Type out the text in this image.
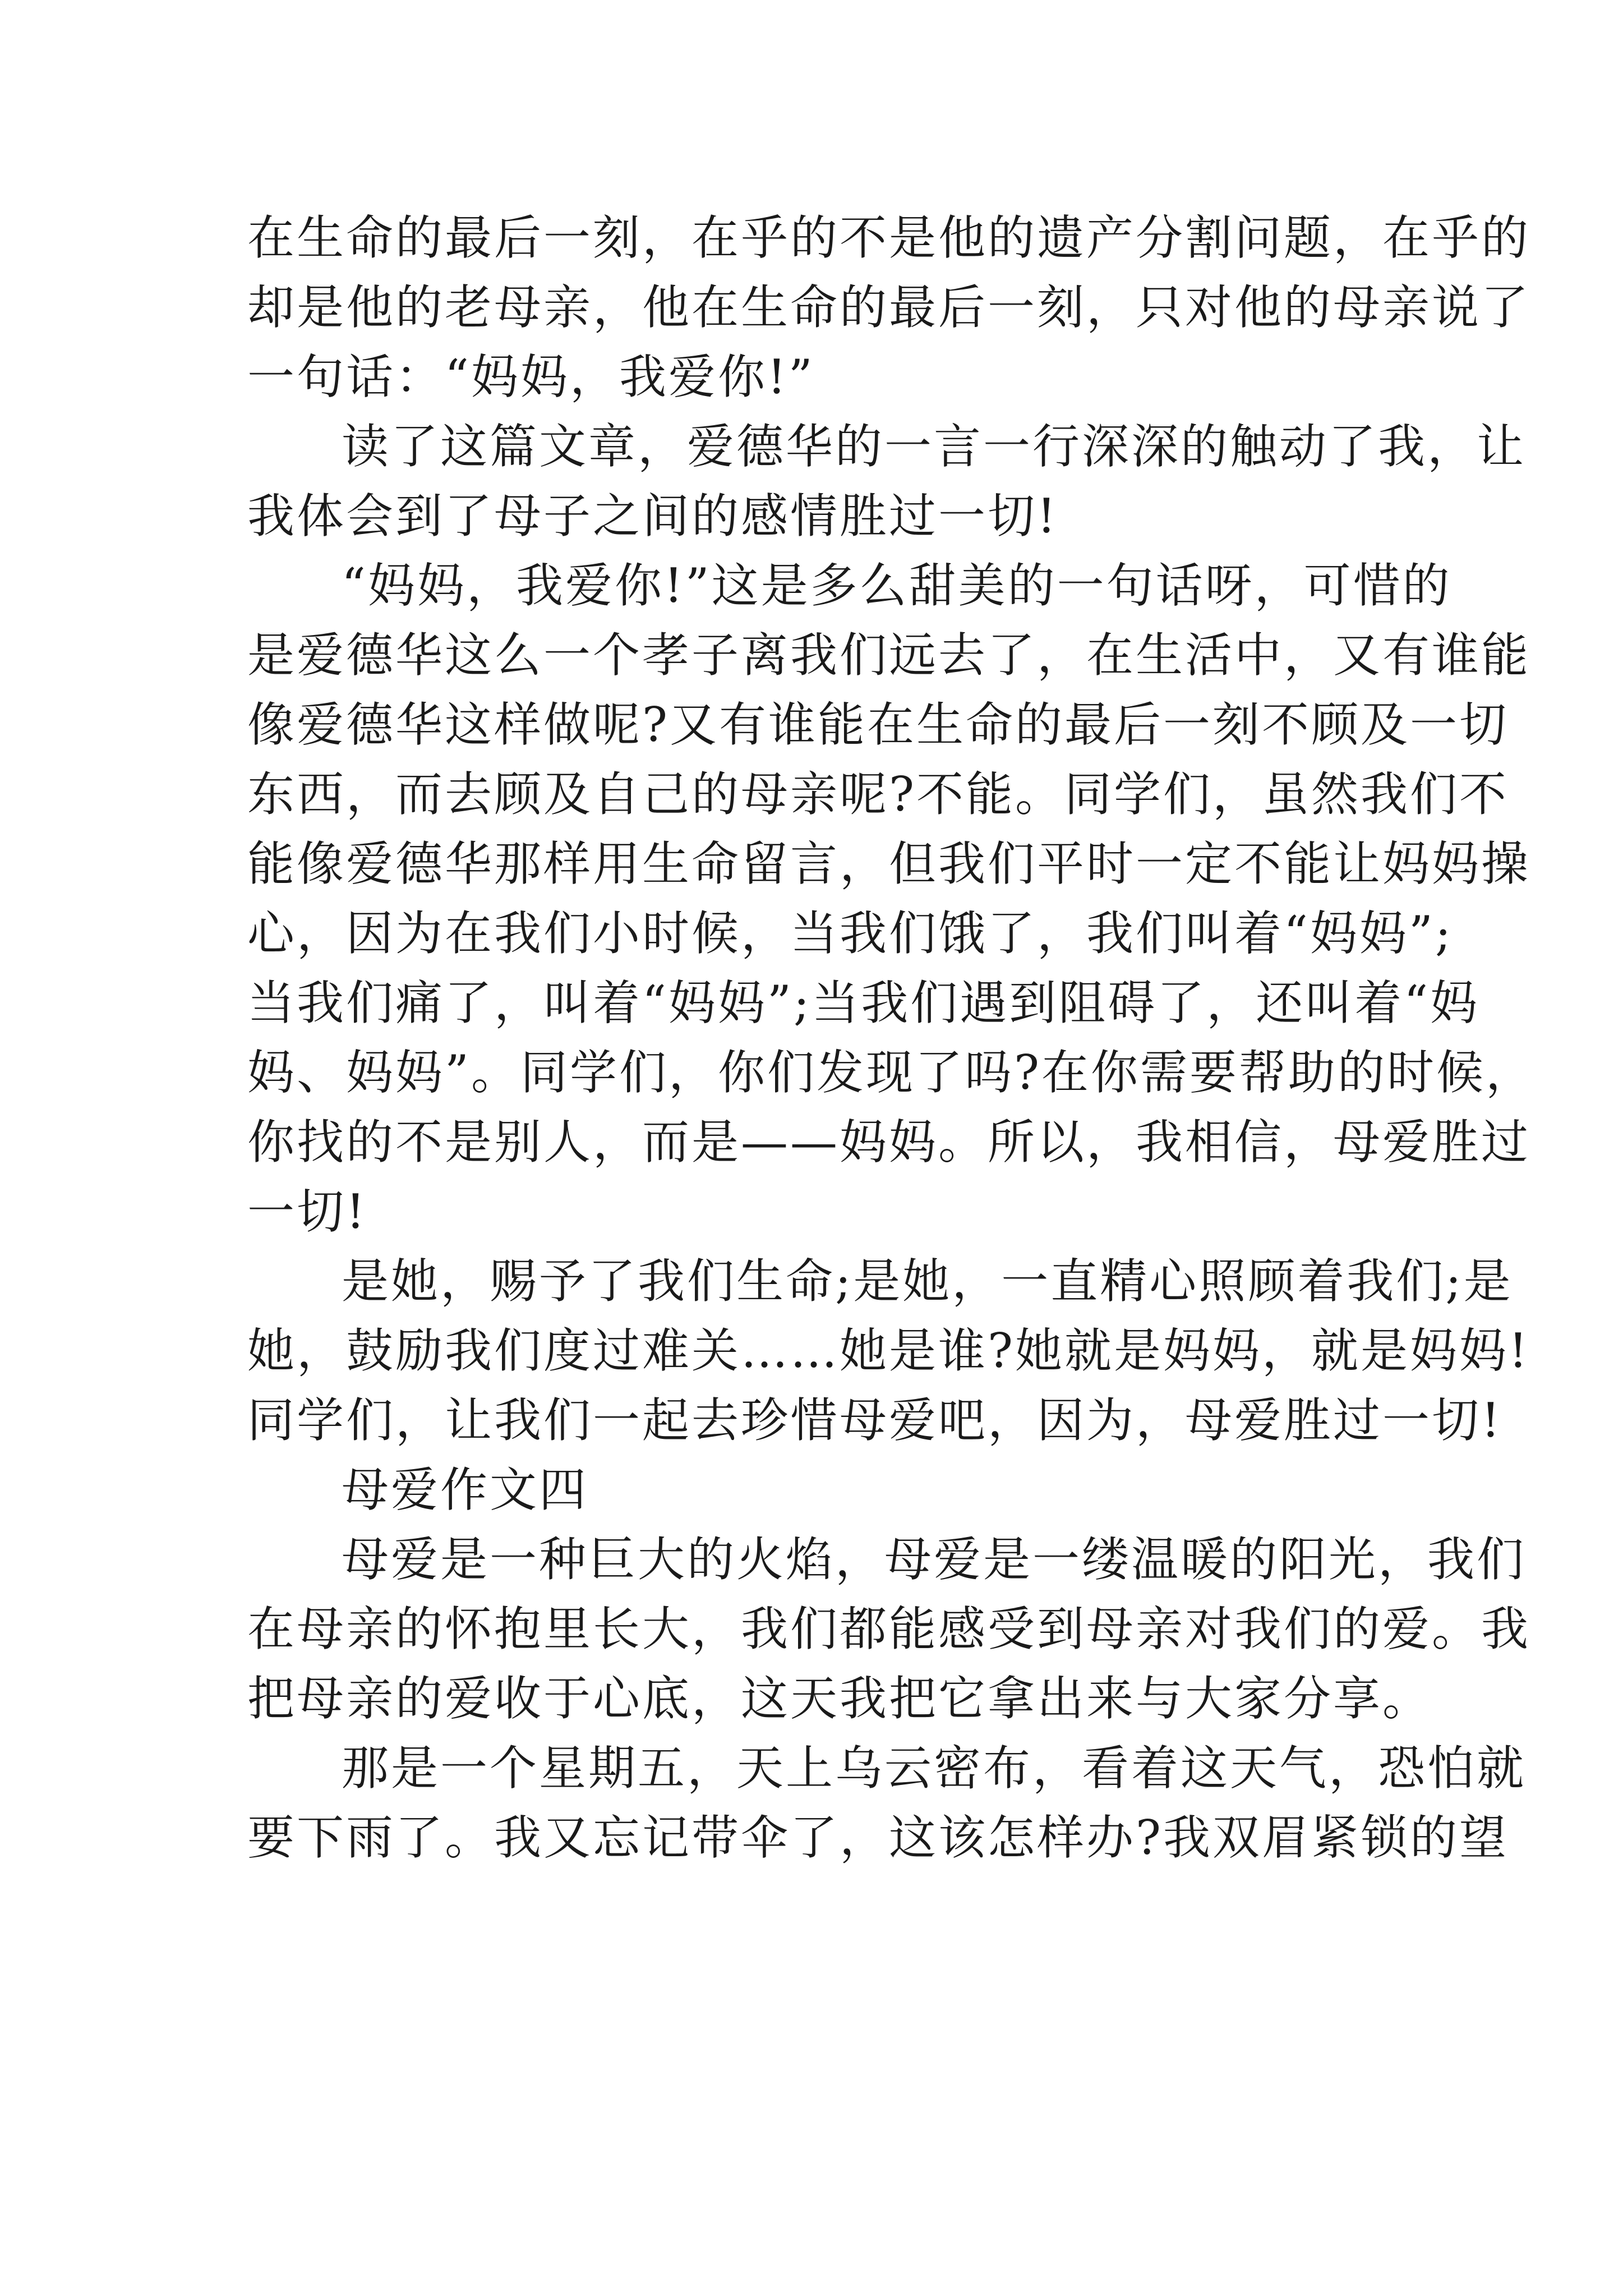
在生命的最后一刻，在乎的不是他的遗产分割问题，在乎的
却是他的老母亲，他在生命的最后一刻，只对他的母亲说了
一句话：“妈妈，我爱你!”
读了这篇文章，爱德华的一言一行深深的触动了我，让
我体会到了母子之间的感情胜过一切!
“妈妈，我爱你!”这是多么甜美的一句话呀，可惜的
是爱德华这么一个孝子离我们远去了，在生活中，又有谁能
像爱德华这样做呢?又有谁能在生命的最后一刻不顾及一切
东西，而去顾及自己的母亲呢?不能。同学们，虽然我们不
能像爱德华那样用生命留言，但我们平时一定不能让妈妈操
心，因为在我们小时候，当我们饿了，我们叫着“妈妈”;
当我们痛了，叫着“妈妈”;当我们遇到阻碍了，还叫着“妈
妈、妈妈”。同学们，你们发现了吗?在你需要帮助的时候，
你找的不是别人，而是——妈妈。所以，我相信，母爱胜过
一切!
是她，赐予了我们生命;是她，一直精心照顾着我们;是
她，鼓励我们度过难关……她是谁?她就是妈妈，就是妈妈!
同学们，让我们一起去珍惜母爱吧，因为，母爱胜过一切!
母爱作文四
母爱是一种巨大的火焰，母爱是一缕温暖的阳光，我们
在母亲的怀抱里长大，我们都能感受到母亲对我们的爱。我
把母亲的爱收于心底，这天我把它拿出来与大家分享。
那是一个星期五，天上乌云密布，看着这天气，恐怕就
要下雨了。我又忘记带伞了，这该怎样办?我双眉紧锁的望
